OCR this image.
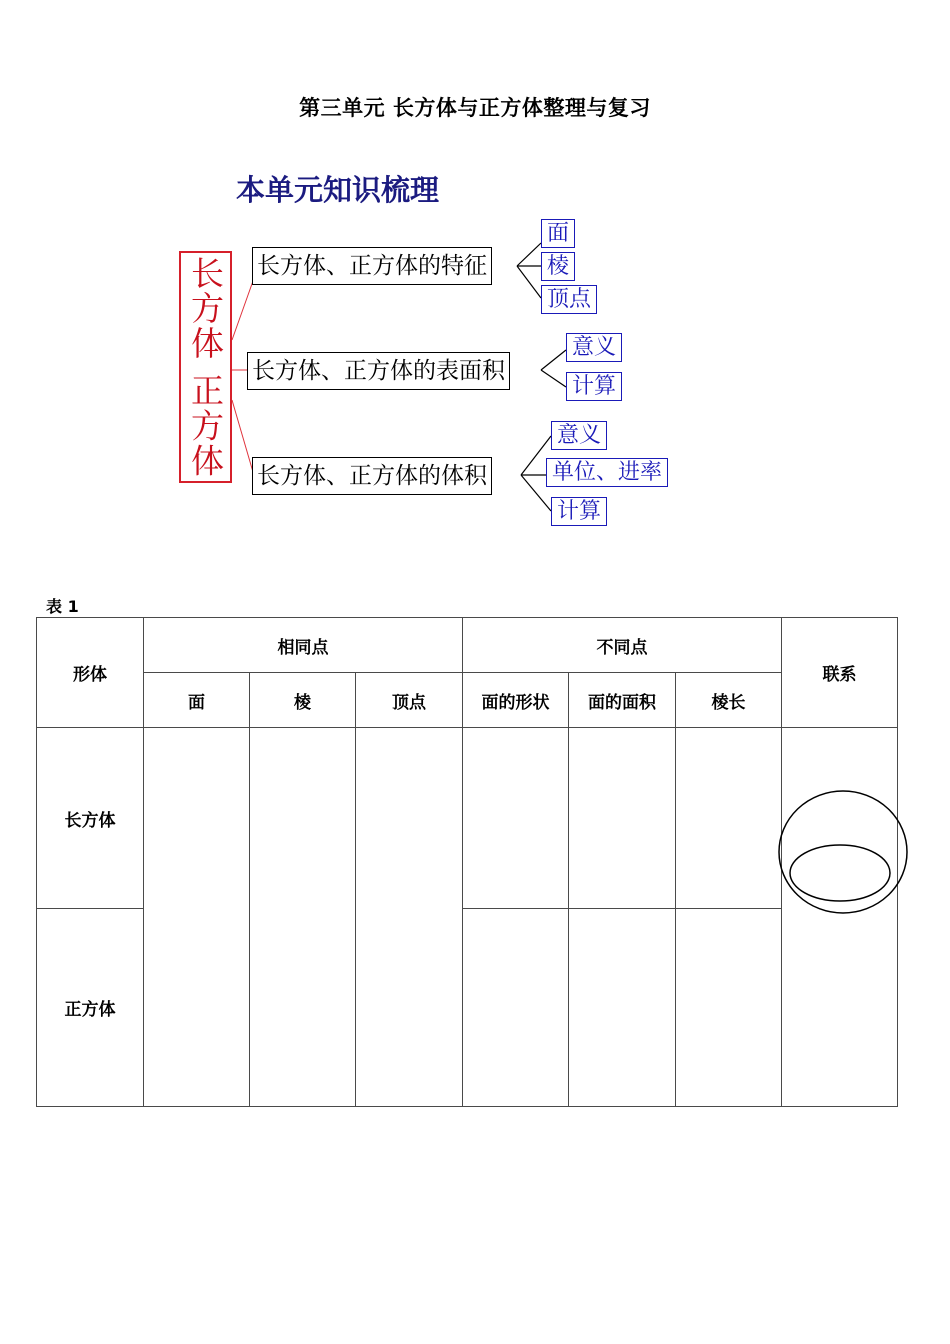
第三单元 长方体与正方体整理与复习
本单元知识梳理
长方体 正方体 长方体、正方体的特征
长方体、正方体的表面积
长方体、正方体的体积
面
棱
顶点
意义
计算
意义
单位、进率
计算
表 1
形体	相同点			不同点			联系
	面	棱	顶点	面的形状	面的面积	棱长	
长方体							
正方体							
